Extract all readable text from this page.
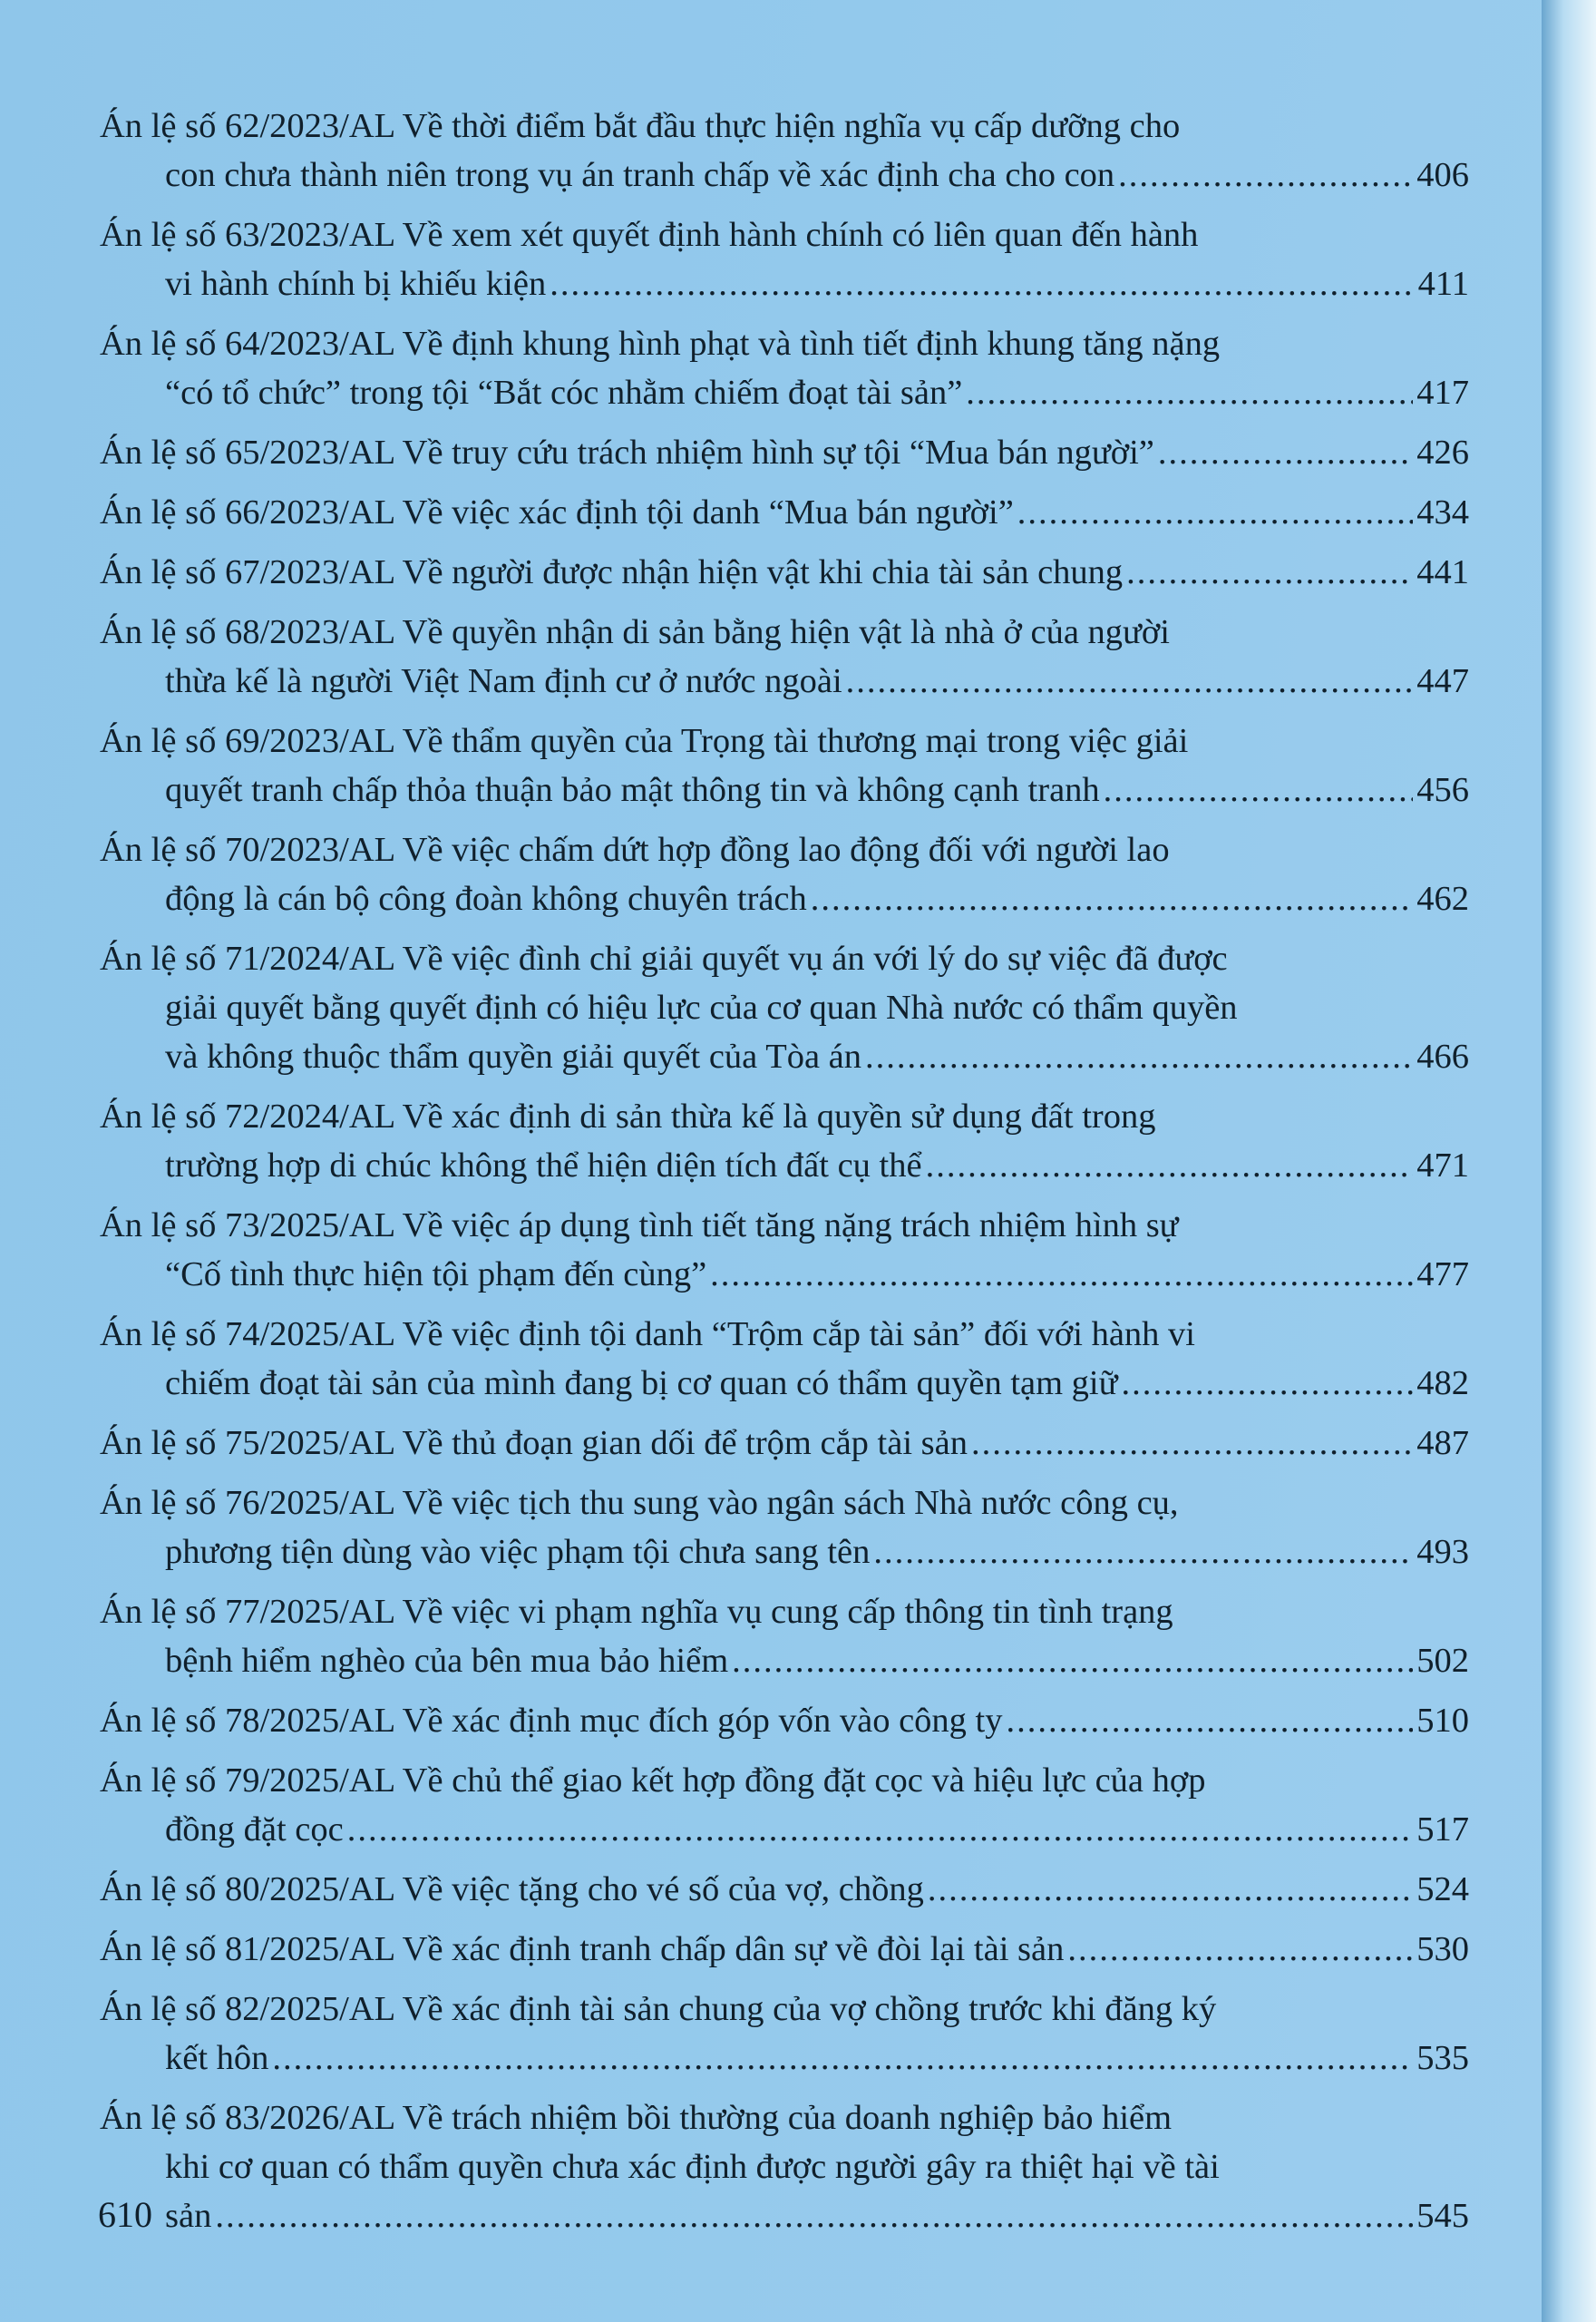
Án lệ số 62/2023/AL Về thời điểm bắt đầu thực hiện nghĩa vụ cấp dưỡng cho
con chưa thành niên trong vụ án tranh chấp về xác định cha cho con .....	406
Án lệ số 63/2023/AL Về xem xét quyết định hành chính có liên quan đến hành
vi hành chính bị khiếu kiện .....	411
Án lệ số 64/2023/AL Về định khung hình phạt và tình tiết định khung tăng nặng
“có tổ chức” trong tội “Bắt cóc nhằm chiếm đoạt tài sản” .....	417
Án lệ số 65/2023/AL Về truy cứu trách nhiệm hình sự tội “Mua bán người” .....	426
Án lệ số 66/2023/AL Về việc xác định tội danh “Mua bán người” .....	434
Án lệ số 67/2023/AL Về người được nhận hiện vật khi chia tài sản chung .....	441
Án lệ số 68/2023/AL Về quyền nhận di sản bằng hiện vật là nhà ở của người
thừa kế là người Việt Nam định cư ở nước ngoài .....	447
Án lệ số 69/2023/AL Về thẩm quyền của Trọng tài thương mại trong việc giải
quyết tranh chấp thỏa thuận bảo mật thông tin và không cạnh tranh .....	456
Án lệ số 70/2023/AL Về việc chấm dứt hợp đồng lao động đối với người lao
động là cán bộ công đoàn không chuyên trách .....	462
Án lệ số 71/2024/AL Về việc đình chỉ giải quyết vụ án với lý do sự việc đã được
giải quyết bằng quyết định có hiệu lực của cơ quan Nhà nước có thẩm quyền
và không thuộc thẩm quyền giải quyết của Tòa án .....	466
Án lệ số 72/2024/AL Về xác định di sản thừa kế là quyền sử dụng đất trong
trường hợp di chúc không thể hiện diện tích đất cụ thể .....	471
Án lệ số 73/2025/AL Về việc áp dụng tình tiết tăng nặng trách nhiệm hình sự
“Cố tình thực hiện tội phạm đến cùng” .....	477
Án lệ số 74/2025/AL Về việc định tội danh “Trộm cắp tài sản” đối với hành vi
chiếm đoạt tài sản của mình đang bị cơ quan có thẩm quyền tạm giữ .....	482
Án lệ số 75/2025/AL Về thủ đoạn gian dối để trộm cắp tài sản .....	487
Án lệ số 76/2025/AL Về việc tịch thu sung vào ngân sách Nhà nước công cụ,
phương tiện dùng vào việc phạm tội chưa sang tên .....	493
Án lệ số 77/2025/AL Về việc vi phạm nghĩa vụ cung cấp thông tin tình trạng
bệnh hiểm nghèo của bên mua bảo hiểm .....	502
Án lệ số 78/2025/AL Về xác định mục đích góp vốn vào công ty .....	510
Án lệ số 79/2025/AL Về chủ thể giao kết hợp đồng đặt cọc và hiệu lực của hợp
đồng đặt cọc .....	517
Án lệ số 80/2025/AL Về việc tặng cho vé số của vợ, chồng .....	524
Án lệ số 81/2025/AL Về xác định tranh chấp dân sự về đòi lại tài sản .....	530
Án lệ số 82/2025/AL Về xác định tài sản chung của vợ chồng trước khi đăng ký
kết hôn .....	535
Án lệ số 83/2026/AL Về trách nhiệm bồi thường của doanh nghiệp bảo hiểm
khi cơ quan có thẩm quyền chưa xác định được người gây ra thiệt hại về tài
sản .....	545
610
